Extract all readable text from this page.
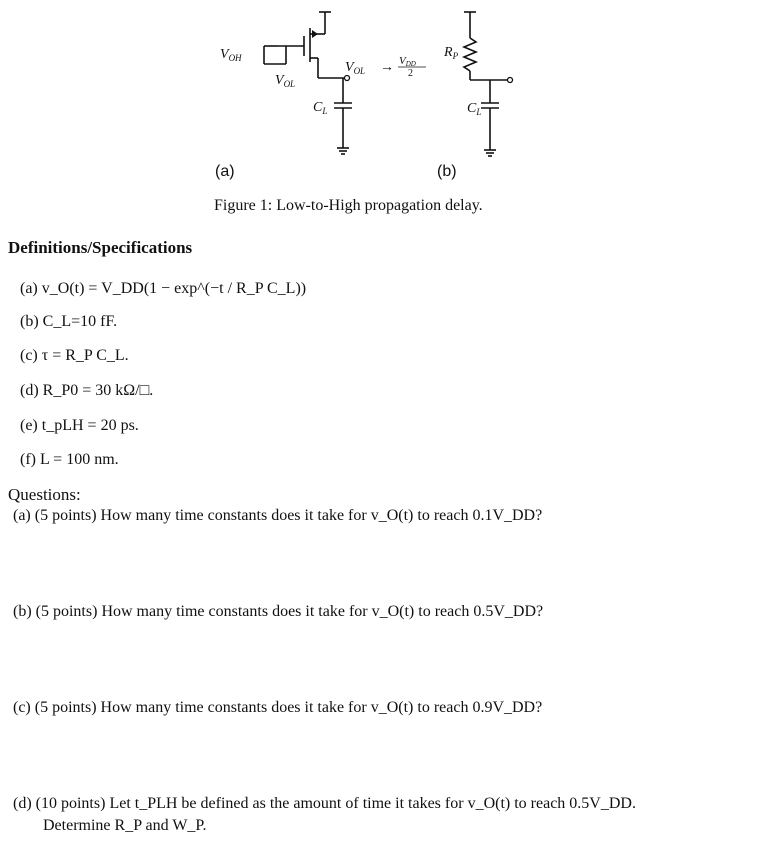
$V_{OH}$
$V_{OL}$
$V_{OL}$ → VDD
2
$C_L$
$R_P$
$C_L$
(a)	(b)
Figure 1: Low-to-High propagation delay.
Definitions/Specifications
(a) v_O(t) = V_DD(1 − exp^(−t / R_P C_L))
(b) C_L=10 fF.
(c) τ = R_P C_L.
(d) R_P0 = 30 kΩ/□.
(e) t_pLH = 20 ps.
(f) L = 100 nm.
Questions:
(a) (5 points) How many time constants does it take for v_O(t) to reach 0.1V_DD?
(b) (5 points) How many time constants does it take for v_O(t) to reach 0.5V_DD?
(c) (5 points) How many time constants does it take for v_O(t) to reach 0.9V_DD?
(d) (10 points) Let t_PLH be defined as the amount of time it takes for v_O(t) to reach 0.5V_DD.
Determine R_P and W_P.
